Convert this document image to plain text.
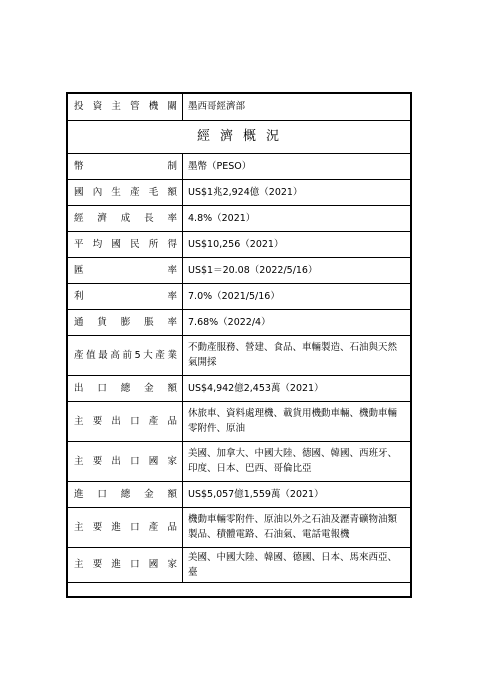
投資主管機關	墨西哥經濟部
經濟概況	

幣制	墨幣（PESO）

國內生產毛額	US$1兆2,924億（2021）

經濟成長率	4.8%（2021）

平均國民所得	US$10,256（2021）

匯率	US$1＝20.08（2022/5/16）

利率	7.0%（2021/5/16）

通貨膨脹率	7.68%（2022/4）

產值最高前5大產業	不動產服務、營建、食品、車輛製造、石油與天然氣開採

出口總金額	US$4,942億2,453萬（2021）

主要出口產品	休旅車、資料處理機、載貨用機動車輛、機動車輛零附件、原油

主要出口國家	美國、加拿大、中國大陸、德國、韓國、西班牙、印度、日本、巴西、哥倫比亞

進口總金額	US$5,057億1,559萬（2021）

主要進口產品	機動車輛零附件、原油以外之石油及瀝青礦物油類製品、積體電路、石油氣、電話電報機

主要進口國家	美國、中國大陸、韓國、德國、日本、馬來西亞、臺
